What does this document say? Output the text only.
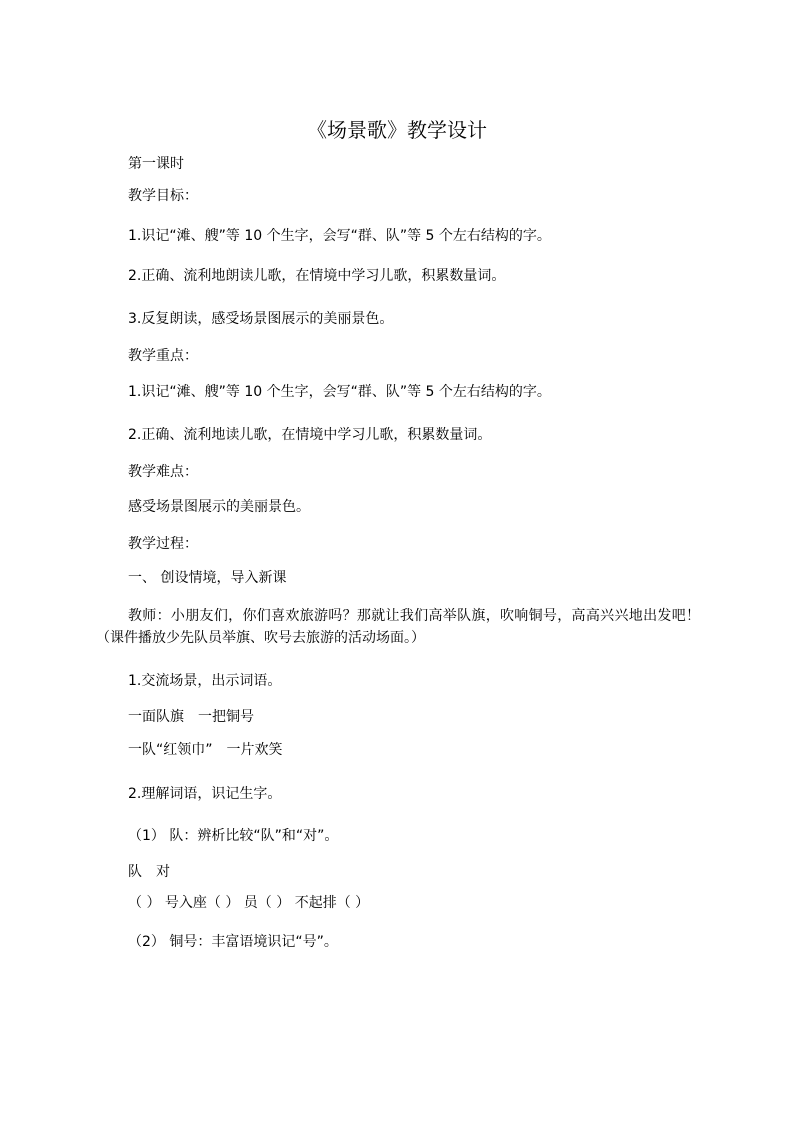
《场景歌》教学设计
第一课时
教学目标：
1.识记“滩、艘”等 10 个生字，会写“群、队”等 5 个左右结构的字。
2.正确、流利地朗读儿歌，在情境中学习儿歌，积累数量词。
3.反复朗读，感受场景图展示的美丽景色。
教学重点：
1.识记“滩、艘”等 10 个生字，会写“群、队”等 5 个左右结构的字。
2.正确、流利地读儿歌，在情境中学习儿歌，积累数量词。
教学难点：
感受场景图展示的美丽景色。
教学过程：
一、 创设情境，导入新课
教师：小朋友们，你们喜欢旅游吗？那就让我们高举队旗，吹响铜号，高高兴兴地出发吧！（课件播放少先队员举旗、吹号去旅游的活动场面。）
1.交流场景，出示词语。
一面队旗 一把铜号
一队“红领巾” 一片欢笑
2.理解词语，识记生字。
（1） 队：辨析比较“队”和“对”。
队 对
（ ） 号入座（ ） 员（ ） 不起排（ ）
（2） 铜号：丰富语境识记“号”。
